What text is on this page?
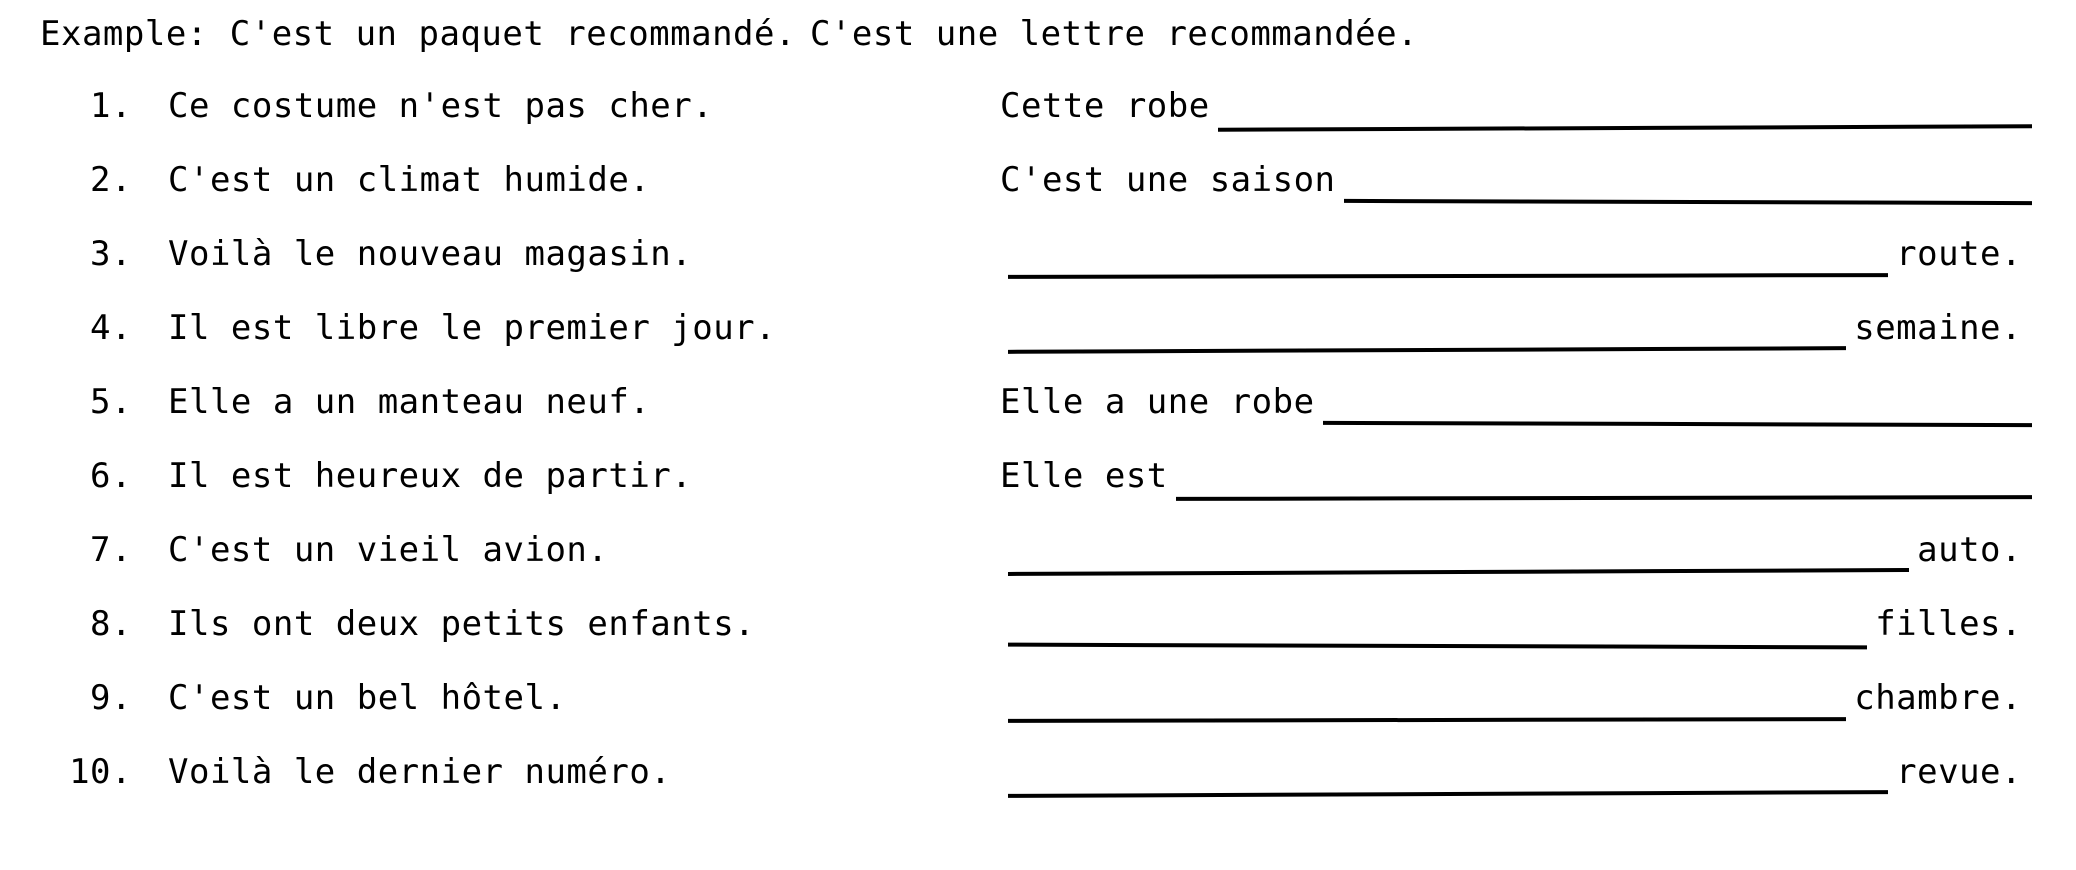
Example: C'est un paquet recommandé. C'est une lettre recommandée.
1. Ce costume n'est pas cher.	Cette robe
2. C'est un climat humide.	C'est une saison
3. Voilà le nouveau magasin.	route.
4. Il est libre le premier jour.	semaine.
5. Elle a un manteau neuf.	Elle a une robe
6. Il est heureux de partir.	Elle est
7. C'est un vieil avion.	auto.
8. Ils ont deux petits enfants.	filles.
9. C'est un bel hôtel.	chambre.
10. Voilà le dernier numéro.	revue.
